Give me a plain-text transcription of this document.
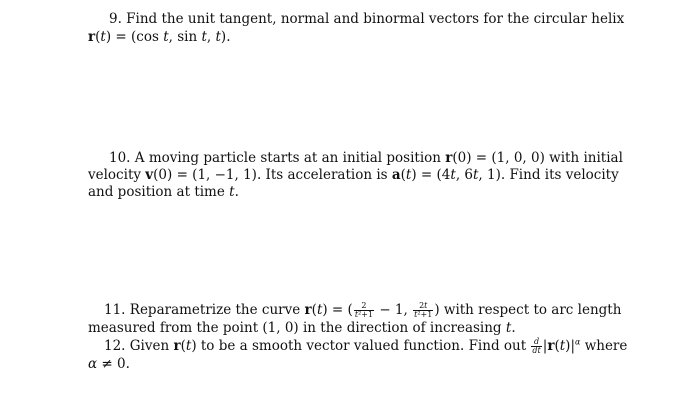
9. Find the unit tangent, normal and binormal vectors for the circular helix
r(t) = (cos t, sin t, t).
10. A moving particle starts at an initial position r(0) = (1, 0, 0) with initial
velocity v(0) = (1, −1, 1). Its acceleration is a(t) = (4t, 6t, 1). Find its velocity
and position at time t.
11. Reparametrize the curve r(t) = ( $\frac{2}{\text{t²+1}} - 1$, $\frac{2t}{\text{t²+1}}$ ) with respect to arc length
measured from the point (1, 0) in the direction of increasing t.
12. Given r(t) to be a smooth vector valued function. Find out $\frac{d}{dt} |r(t)|^\alpha$ where
α ≠ 0.
